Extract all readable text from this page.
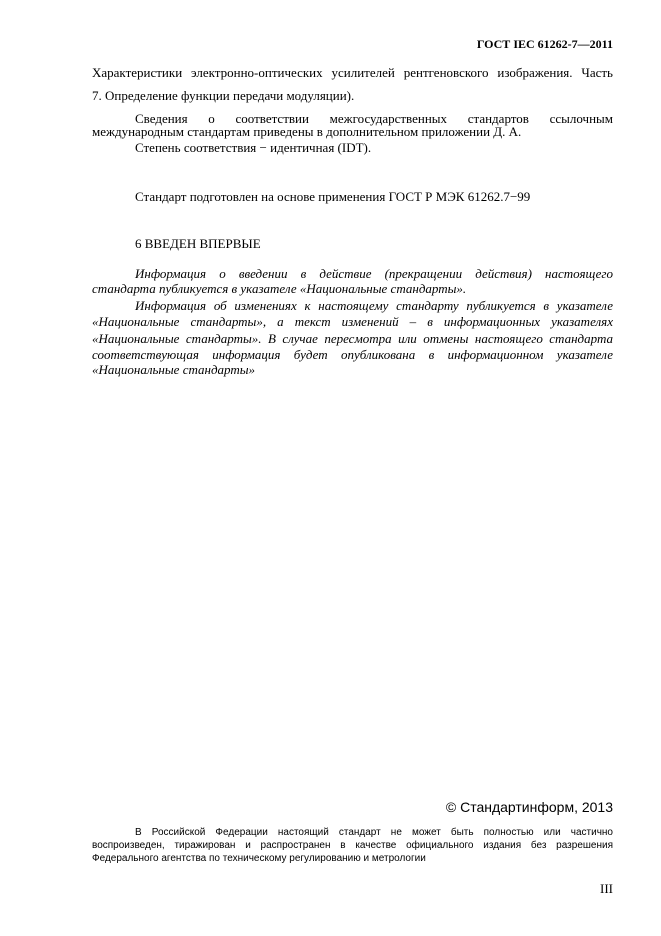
ГОСТ IEC 61262-7—2011
Характеристики электронно-оптических усилителей рентгеновского изображения. Часть
7. Определение функции передачи модуляции).
Сведения о соответствии межгосударственных стандартов ссылочным
международным стандартам приведены в дополнительном приложении Д. А.
Степень соответствия − идентичная (IDT).
Стандарт подготовлен на основе применения ГОСТ Р МЭК 61262.7−99
6 ВВЕДЕН ВПЕРВЫЕ
Информация о введении в действие (прекращении действия) настоящего
стандарта публикуется в указателе «Национальные стандарты».
Информация об изменениях к настоящему стандарту публикуется в указателе
«Национальные стандарты», а текст изменений – в информационных указателях
«Национальные стандарты». В случае пересмотра или отмены настоящего стандарта
соответствующая информация будет опубликована в информационном указателе
«Национальные стандарты»
© Стандартинформ, 2013
В Российской Федерации настоящий стандарт не может быть полностью или частично
воспроизведен, тиражирован и распространен в качестве официального издания без разрешения
Федерального агентства по техническому регулированию и метрологии
III
